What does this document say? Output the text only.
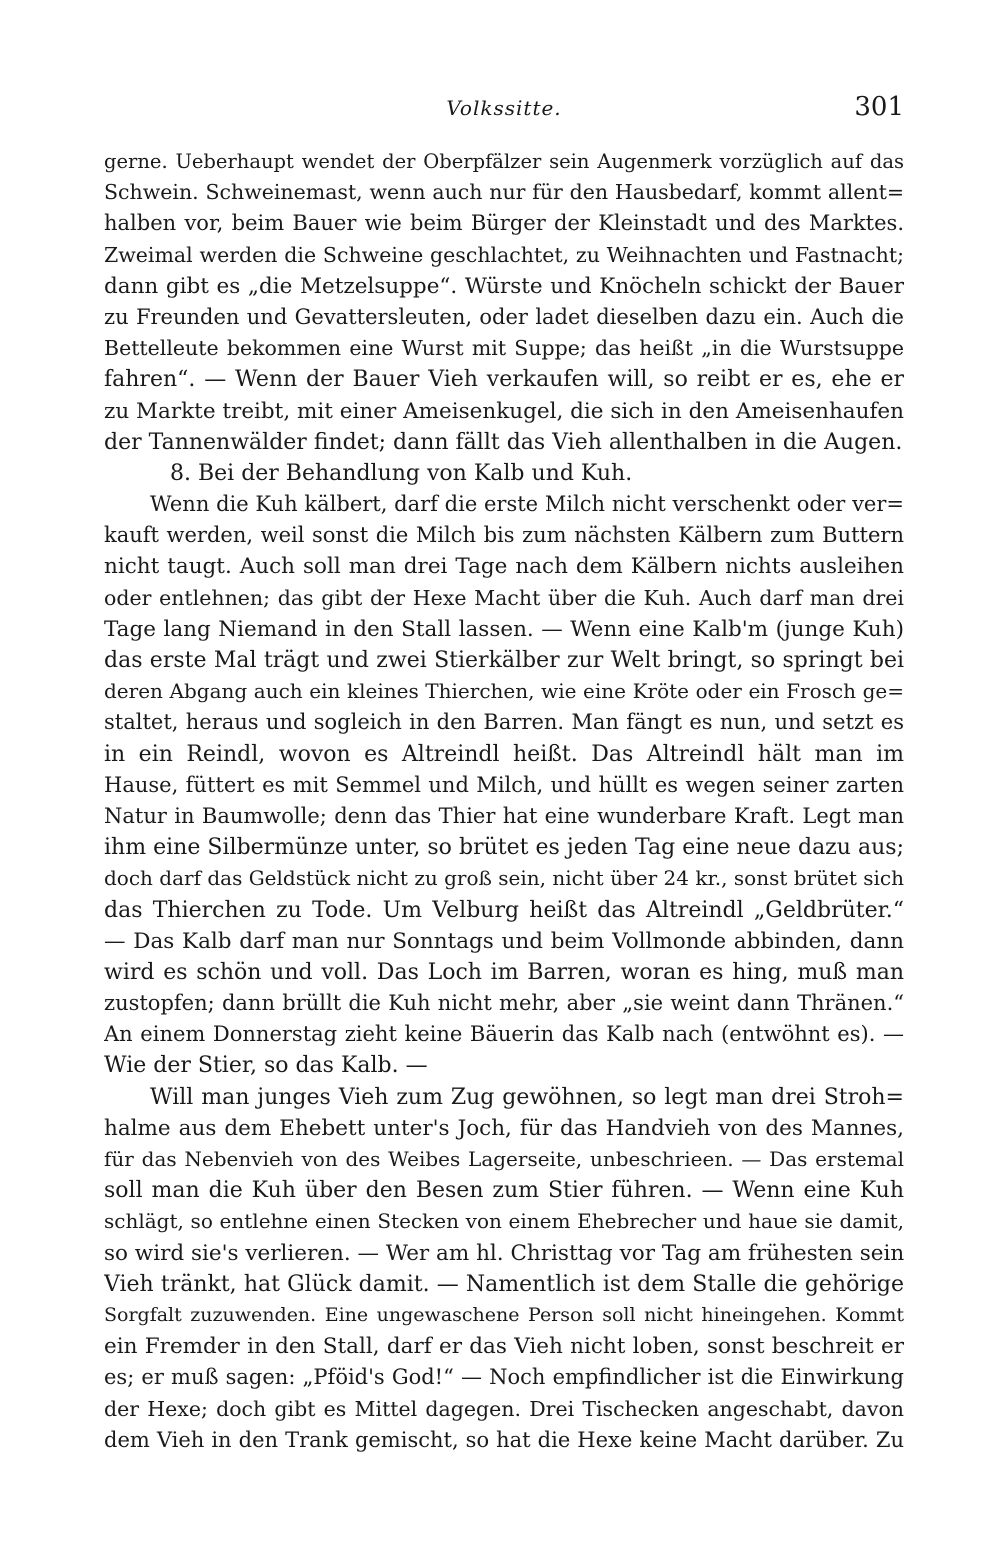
Volkssitte.	301
gerne. Ueberhaupt wendet der Oberpfälzer sein Augenmerk vorzüglich auf das
Schwein. Schweinemast, wenn auch nur für den Hausbedarf, kommt allent=
halben vor, beim Bauer wie beim Bürger der Kleinstadt und des Marktes.
Zweimal werden die Schweine geschlachtet, zu Weihnachten und Fastnacht;
dann gibt es „die Metzelsuppe“. Würste und Knöcheln schickt der Bauer
zu Freunden und Gevattersleuten, oder ladet dieselben dazu ein. Auch die
Bettelleute bekommen eine Wurst mit Suppe; das heißt „in die Wurstsuppe
fahren“. — Wenn der Bauer Vieh verkaufen will, so reibt er es, ehe er
zu Markte treibt, mit einer Ameisenkugel, die sich in den Ameisenhaufen
der Tannenwälder findet; dann fällt das Vieh allenthalben in die Augen.
8. Bei der Behandlung von Kalb und Kuh.
Wenn die Kuh kälbert, darf die erste Milch nicht verschenkt oder ver=
kauft werden, weil sonst die Milch bis zum nächsten Kälbern zum Buttern
nicht taugt. Auch soll man drei Tage nach dem Kälbern nichts ausleihen
oder entlehnen; das gibt der Hexe Macht über die Kuh. Auch darf man drei
Tage lang Niemand in den Stall lassen. — Wenn eine Kalb'm (junge Kuh)
das erste Mal trägt und zwei Stierkälber zur Welt bringt, so springt bei
deren Abgang auch ein kleines Thierchen, wie eine Kröte oder ein Frosch ge=
staltet, heraus und sogleich in den Barren. Man fängt es nun, und setzt es
in ein Reindl, wovon es Altreindl heißt. Das Altreindl hält man im
Hause, füttert es mit Semmel und Milch, und hüllt es wegen seiner zarten
Natur in Baumwolle; denn das Thier hat eine wunderbare Kraft. Legt man
ihm eine Silbermünze unter, so brütet es jeden Tag eine neue dazu aus;
doch darf das Geldstück nicht zu groß sein, nicht über 24 kr., sonst brütet sich
das Thierchen zu Tode. Um Velburg heißt das Altreindl „Geldbrüter.“
— Das Kalb darf man nur Sonntags und beim Vollmonde abbinden, dann
wird es schön und voll. Das Loch im Barren, woran es hing, muß man
zustopfen; dann brüllt die Kuh nicht mehr, aber „sie weint dann Thränen.“
An einem Donnerstag zieht keine Bäuerin das Kalb nach (entwöhnt es). —
Wie der Stier, so das Kalb. —
Will man junges Vieh zum Zug gewöhnen, so legt man drei Stroh=
halme aus dem Ehebett unter's Joch, für das Handvieh von des Mannes,
für das Nebenvieh von des Weibes Lagerseite, unbeschrieen. — Das erstemal
soll man die Kuh über den Besen zum Stier führen. — Wenn eine Kuh
schlägt, so entlehne einen Stecken von einem Ehebrecher und haue sie damit,
so wird sie's verlieren. — Wer am hl. Christtag vor Tag am frühesten sein
Vieh tränkt, hat Glück damit. — Namentlich ist dem Stalle die gehörige
Sorgfalt zuzuwenden. Eine ungewaschene Person soll nicht hineingehen. Kommt
ein Fremder in den Stall, darf er das Vieh nicht loben, sonst beschreit er
es; er muß sagen: „Pföid's God!“ — Noch empfindlicher ist die Einwirkung
der Hexe; doch gibt es Mittel dagegen. Drei Tischecken angeschabt, davon
dem Vieh in den Trank gemischt, so hat die Hexe keine Macht darüber. Zu
